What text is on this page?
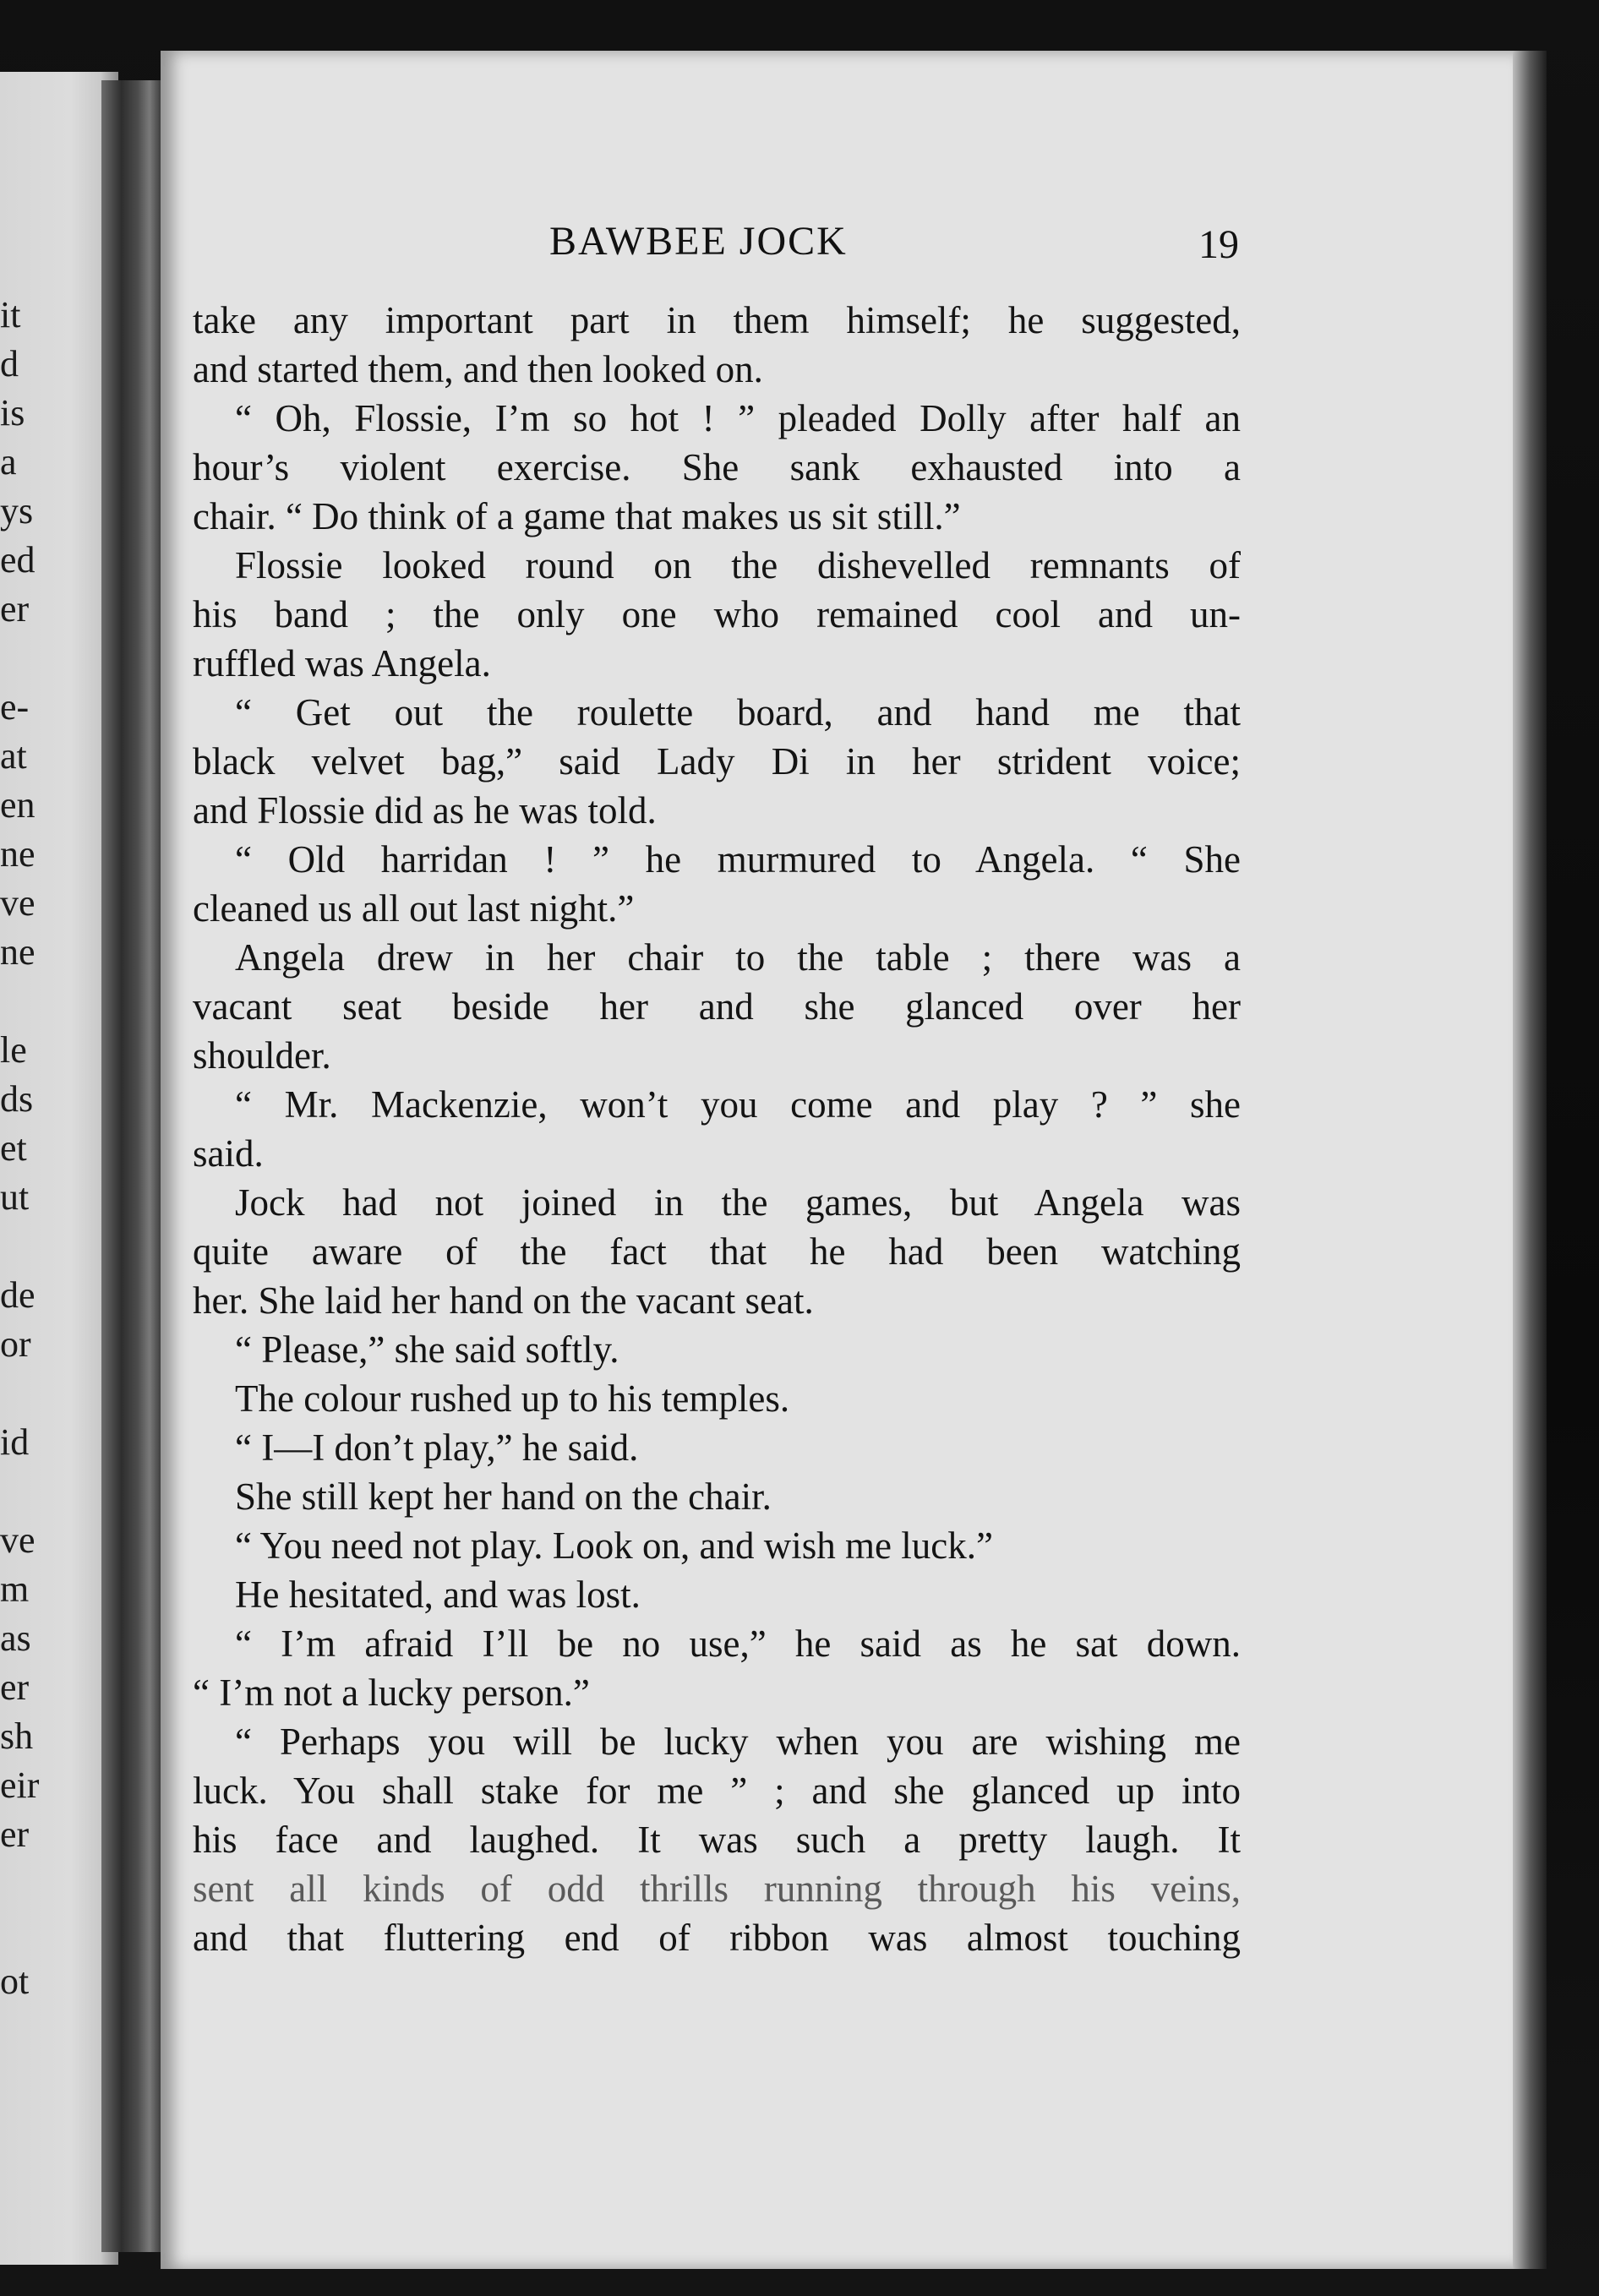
it
d
is
a
ys
ed
er
e-
at
en
ne
ve
ne
le
ds
et
ut
de
or
id
ve
m
as
er
sh
eir
er
ot
BAWBEE JOCK	19
take any important part in them himself; he suggested,
and started them, and then looked on.
“ Oh, Flossie, I’m so hot ! ” pleaded Dolly after half an
hour’s violent exercise. She sank exhausted into a
chair. “ Do think of a game that makes us sit still.”
Flossie looked round on the dishevelled remnants of
his band ; the only one who remained cool and un-
ruffled was Angela.
“ Get out the roulette board, and hand me that
black velvet bag,” said Lady Di in her strident voice;
and Flossie did as he was told.
“ Old harridan ! ” he murmured to Angela. “ She
cleaned us all out last night.”
Angela drew in her chair to the table ; there was a
vacant seat beside her and she glanced over her
shoulder.
“ Mr. Mackenzie, won’t you come and play ? ” she
said.
Jock had not joined in the games, but Angela was
quite aware of the fact that he had been watching
her. She laid her hand on the vacant seat.
“ Please,” she said softly.
The colour rushed up to his temples.
“ I—I don’t play,” he said.
She still kept her hand on the chair.
“ You need not play. Look on, and wish me luck.”
He hesitated, and was lost.
“ I’m afraid I’ll be no use,” he said as he sat down.
“ I’m not a lucky person.”
“ Perhaps you will be lucky when you are wishing me
luck. You shall stake for me ” ; and she glanced up into
his face and laughed. It was such a pretty laugh. It
sent all kinds of odd thrills running through his veins,
and that fluttering end of ribbon was almost touching
